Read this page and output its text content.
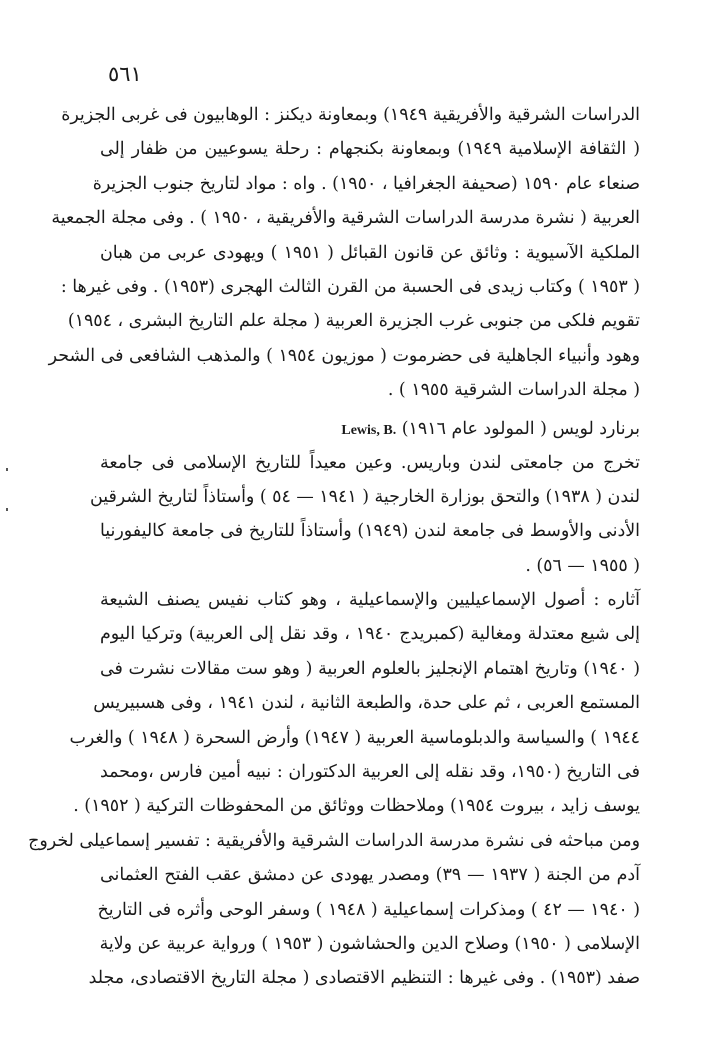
٥٦١
الدراسات الشرقية والأفريقية ١٩٤٩) وبمعاونة ديكنز : الوهابيون فى غربى الجزيرة
( الثقافة الإسلامية ١٩٤٩) وبمعاونة بكنجهام : رحلة يسوعيين من ظفار إلى
صنعاء عام ١٥٩٠ (صحيفة الجغرافيا ، ١٩٥٠) . واه : مواد لتاريخ جنوب الجزيرة
العربية ( نشرة مدرسة الدراسات الشرقية والأفريقية ، ١٩٥٠ ) . وفى مجلة الجمعية
الملكية الآسيوية : وثائق عن قانون القبائل ( ١٩٥١ ) ويهودى عربى من هبان
( ١٩٥٣ ) وكتاب زيدى فى الحسبة من القرن الثالث الهجرى (١٩٥٣) . وفى غيرها :
تقويم فلكى من جنوبى غرب الجزيرة العربية ( مجلة علم التاريخ البشرى ، ١٩٥٤)
وهود وأنبياء الجاهلية فى حضرموت ( موزيون ١٩٥٤ ) والمذهب الشافعى فى الشحر
( مجلة الدراسات الشرقية ١٩٥٥ ) .
برنارد لويس ( المولود عام ١٩١٦) Lewis, B.
تخرج من جامعتى لندن وباريس. وعين معيداً للتاريخ الإسلامى فى جامعة
لندن ( ١٩٣٨) والتحق بوزارة الخارجية ( ١٩٤١ — ٥٤ ) وأستاذاً لتاريخ الشرقين
الأدنى والأوسط فى جامعة لندن (١٩٤٩) وأستاذاً للتاريخ فى جامعة كاليفورنيا
( ١٩٥٥ — ٥٦) .
آثاره : أصول الإسماعيليين والإسماعيلية ، وهو كتاب نفيس يصنف الشيعة
إلى شيع معتدلة ومغالية (كمبريدج ١٩٤٠ ، وقد نقل إلى العربية) وتركيا اليوم
( ١٩٤٠) وتاريخ اهتمام الإنجليز بالعلوم العربية ( وهو ست مقالات نشرت فى
المستمع العربى ، ثم على حدة، والطبعة الثانية ، لندن ١٩٤١ ، وفى هسبيريس
١٩٤٤ ) والسياسة والدبلوماسية العربية ( ١٩٤٧) وأرض السحرة ( ١٩٤٨ ) والغرب
فى التاريخ (١٩٥٠، وقد نقله إلى العربية الدكتوران : نبيه أمين فارس ،ومحمد
يوسف زايد ، بيروت ١٩٥٤) وملاحظات ووثائق من المحفوظات التركية ( ١٩٥٢) .
ومن مباحثه فى نشرة مدرسة الدراسات الشرقية والأفريقية : تفسير إسماعيلى لخروج
آدم من الجنة ( ١٩٣٧ — ٣٩) ومصدر يهودى عن دمشق عقب الفتح العثمانى
( ١٩٤٠ — ٤٢ ) ومذكرات إسماعيلية ( ١٩٤٨ ) وسفر الوحى وأثره فى التاريخ
الإسلامى ( ١٩٥٠) وصلاح الدين والحشاشون ( ١٩٥٣ ) ورواية عربية عن ولاية
صفد (١٩٥٣) . وفى غيرها : التنظيم الاقتصادى ( مجلة التاريخ الاقتصادى، مجلد
